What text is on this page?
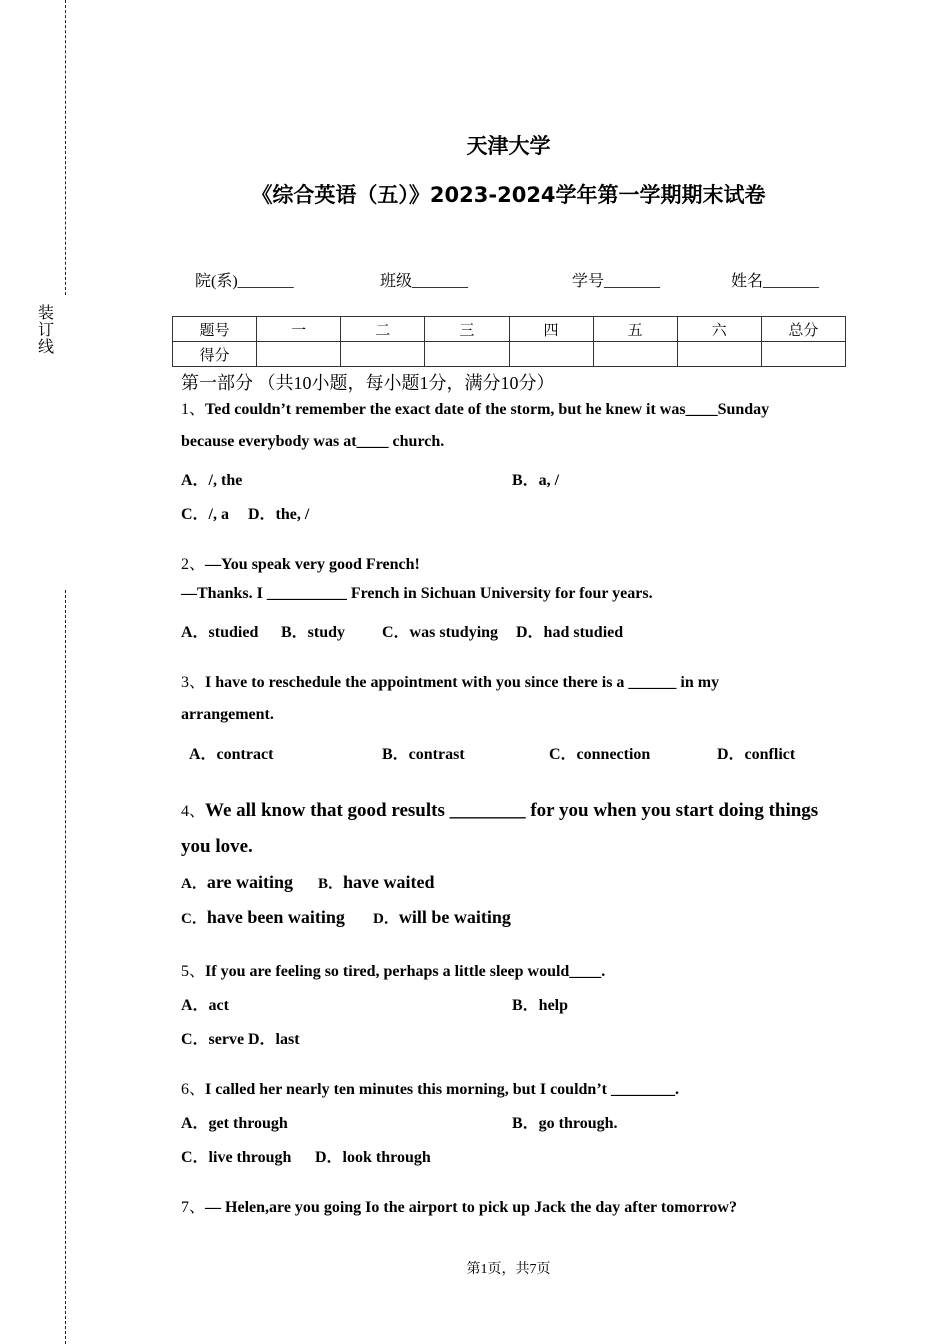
装
订
线
天津大学
《综合英语（五）》2023-2024学年第一学期期末试卷
院(系)_______	班级_______	学号_______	姓名_______
题号	一	二	三	四	五	六	总分
得分							
第一部分 （共10小题，每小题1分，满分10分）
1、Ted couldn’t remember the exact date of the storm, but he knew it was____Sunday
because everybody was at____ church.
A．/, the	B．a, /
C．/, a D．the, /
2、—You speak very good French!
—Thanks. I __________ French in Sichuan University for four years.
A．studied B．study C．was studying D．had studied
3、I have to reschedule the appointment with you since there is a ______ in my
arrangement.
A．contract	B．contrast	C．connection	D．conflict
4、We all know that good results ________ for you when you start doing things
you love.
A．are waiting B．have waited
C．have been waiting D．will be waiting
5、If you are feeling so tired, perhaps a little sleep would____.
A．act	B．help
C．serve D．last
6、I called her nearly ten minutes this morning, but I couldn’t ________.
A．get through	B．go through.
C．live through D．look through
7、— Helen,are you going Io the airport to pick up Jack the day after tomorrow?
第1页，共7页
